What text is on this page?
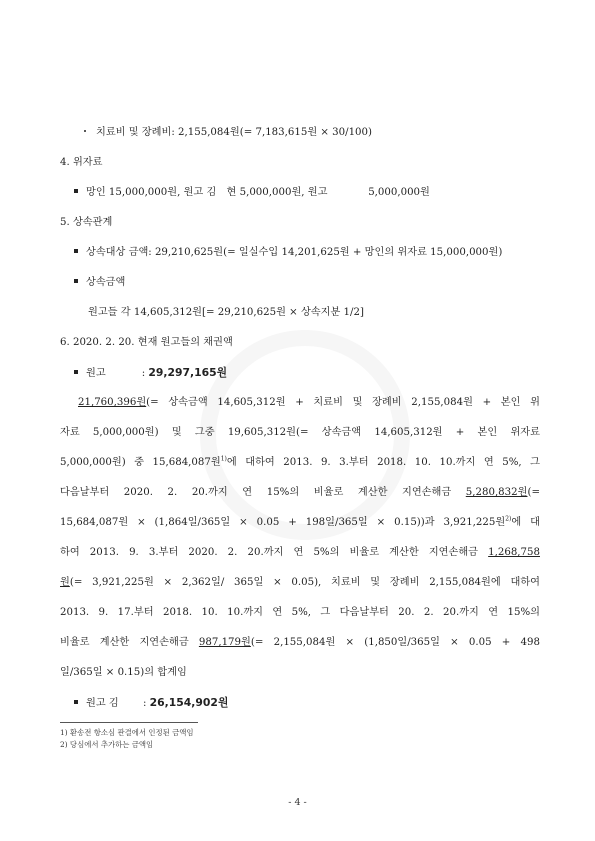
치료비 및 장례비: 2,155,084원(= 7,183,615원 × 30/100)
4. 위자료
망인 15,000,000원, 원고 김　현 5,000,000원, 원고　　　　5,000,000원
5. 상속관계
상속대상 금액: 29,210,625원(= 일실수입 14,201,625원 + 망인의 위자료 15,000,000원)
상속금액
원고들 각 14,605,312원[= 29,210,625원 × 상속지분 1/2]
6. 2020. 2. 20. 현재 원고들의 채권액
원고	: 29,297,165원
21,760,396원(= 상속금액 14,605,312원 + 치료비 및 장례비 2,155,084원 + 본인 위
자료 5,000,000원) 및 그중 19,605,312원(= 상속금액 14,605,312원 + 본인 위자료
5,000,000원) 중 15,684,087원$^{1)}$에 대하여 2013. 9. 3.부터 2018. 10. 10.까지 연 5%, 그
다음날부터 2020. 2. 20.까지 연 15%의 비율로 계산한 지연손해금 5,280,832원(=
15,684,087원 × (1,864일/365일 × 0.05 + 198일/365일 × 0.15))과 3,921,225원$^{2)}$에 대
하여 2013. 9. 3.부터 2020. 2. 20.까지 연 5%의 비율로 계산한 지연손해금 1,268,758
원(= 3,921,225원 × 2,362일/ 365일 × 0.05), 치료비 및 장례비 2,155,084원에 대하여
2013. 9. 17.부터 2018. 10. 10.까지 연 5%, 그 다음날부터 20. 2. 20.까지 연 15%의
비율로 계산한 지연손해금 987,179원(= 2,155,084원 × (1,850일/365일 × 0.05 + 498
일/365일 × 0.15)의 합계임
원고 김　: 26,154,902원
1) 환송전 항소심 판결에서 인정된 금액임
2) 당심에서 추가하는 금액임
- 4 -
